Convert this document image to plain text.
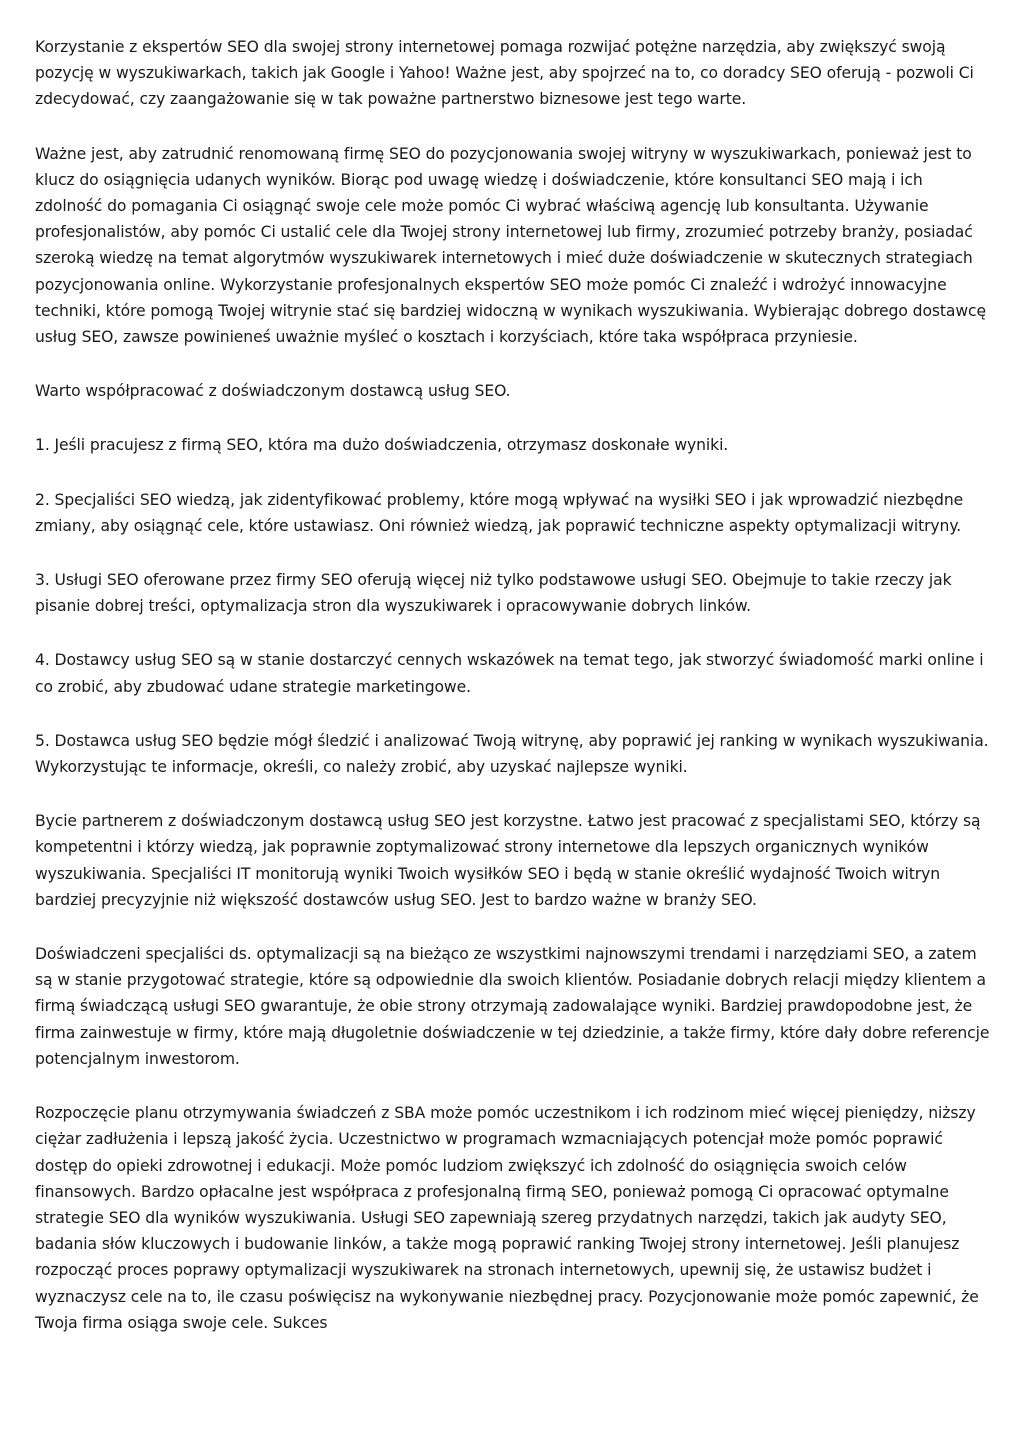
Korzystanie z ekspertów SEO dla swojej strony internetowej pomaga rozwijać potężne narzędzia, aby zwiększyć swoją pozycję w wyszukiwarkach, takich jak Google i Yahoo! Ważne jest, aby spojrzeć na to, co doradcy SEO oferują - pozwoli Ci zdecydować, czy zaangażowanie się w tak poważne partnerstwo biznesowe jest tego warte.

Ważne jest, aby zatrudnić renomowaną firmę SEO do pozycjonowania swojej witryny w wyszukiwarkach, ponieważ jest to klucz do osiągnięcia udanych wyników. Biorąc pod uwagę wiedzę i doświadczenie, które konsultanci SEO mają i ich zdolność do pomagania Ci osiągnąć swoje cele może pomóc Ci wybrać właściwą agencję lub konsultanta. Używanie profesjonalistów, aby pomóc Ci ustalić cele dla Twojej strony internetowej lub firmy, zrozumieć potrzeby branży, posiadać szeroką wiedzę na temat algorytmów wyszukiwarek internetowych i mieć duże doświadczenie w skutecznych strategiach pozycjonowania online. Wykorzystanie profesjonalnych ekspertów SEO może pomóc Ci znaleźć i wdrożyć innowacyjne techniki, które pomogą Twojej witrynie stać się bardziej widoczną w wynikach wyszukiwania. Wybierając dobrego dostawcę usług SEO, zawsze powinieneś uważnie myśleć o kosztach i korzyściach, które taka współpraca przyniesie.

Warto współpracować z doświadczonym dostawcą usług SEO.

1. Jeśli pracujesz z firmą SEO, która ma dużo doświadczenia, otrzymasz doskonałe wyniki.

2. Specjaliści SEO wiedzą, jak zidentyfikować problemy, które mogą wpływać na wysiłki SEO i jak wprowadzić niezbędne zmiany, aby osiągnąć cele, które ustawiasz. Oni również wiedzą, jak poprawić techniczne aspekty optymalizacji witryny.

3. Usługi SEO oferowane przez firmy SEO oferują więcej niż tylko podstawowe usługi SEO. Obejmuje to takie rzeczy jak pisanie dobrej treści, optymalizacja stron dla wyszukiwarek i opracowywanie dobrych linków.

4. Dostawcy usług SEO są w stanie dostarczyć cennych wskazówek na temat tego, jak stworzyć świadomość marki online i co zrobić, aby zbudować udane strategie marketingowe.

5. Dostawca usług SEO będzie mógł śledzić i analizować Twoją witrynę, aby poprawić jej ranking w wynikach wyszukiwania. Wykorzystując te informacje, określi, co należy zrobić, aby uzyskać najlepsze wyniki.

Bycie partnerem z doświadczonym dostawcą usług SEO jest korzystne. Łatwo jest pracować z specjalistami SEO, którzy są kompetentni i którzy wiedzą, jak poprawnie zoptymalizować strony internetowe dla lepszych organicznych wyników wyszukiwania. Specjaliści IT monitorują wyniki Twoich wysiłków SEO i będą w stanie określić wydajność Twoich witryn bardziej precyzyjnie niż większość dostawców usług SEO. Jest to bardzo ważne w branży SEO.

Doświadczeni specjaliści ds. optymalizacji są na bieżąco ze wszystkimi najnowszymi trendami i narzędziami SEO, a zatem są w stanie przygotować strategie, które są odpowiednie dla swoich klientów. Posiadanie dobrych relacji między klientem a firmą świadczącą usługi SEO gwarantuje, że obie strony otrzymają zadowalające wyniki. Bardziej prawdopodobne jest, że firma zainwestuje w firmy, które mają długoletnie doświadczenie w tej dziedzinie, a także firmy, które dały dobre referencje potencjalnym inwestorom.

Rozpoczęcie planu otrzymywania świadczeń z SBA może pomóc uczestnikom i ich rodzinom mieć więcej pieniędzy, niższy ciężar zadłużenia i lepszą jakość życia. Uczestnictwo w programach wzmacniających potencjał może pomóc poprawić dostęp do opieki zdrowotnej i edukacji. Może pomóc ludziom zwiększyć ich zdolność do osiągnięcia swoich celów finansowych. Bardzo opłacalne jest współpraca z profesjonalną firmą SEO, ponieważ pomogą Ci opracować optymalne strategie SEO dla wyników wyszukiwania. Usługi SEO zapewniają szereg przydatnych narzędzi, takich jak audyty SEO, badania słów kluczowych i budowanie linków, a także mogą poprawić ranking Twojej strony internetowej. Jeśli planujesz rozpocząć proces poprawy optymalizacji wyszukiwarek na stronach internetowych, upewnij się, że ustawisz budżet i wyznaczysz cele na to, ile czasu poświęcisz na wykonywanie niezbędnej pracy. Pozycjonowanie może pomóc zapewnić, że Twoja firma osiąga swoje cele. Sukces
